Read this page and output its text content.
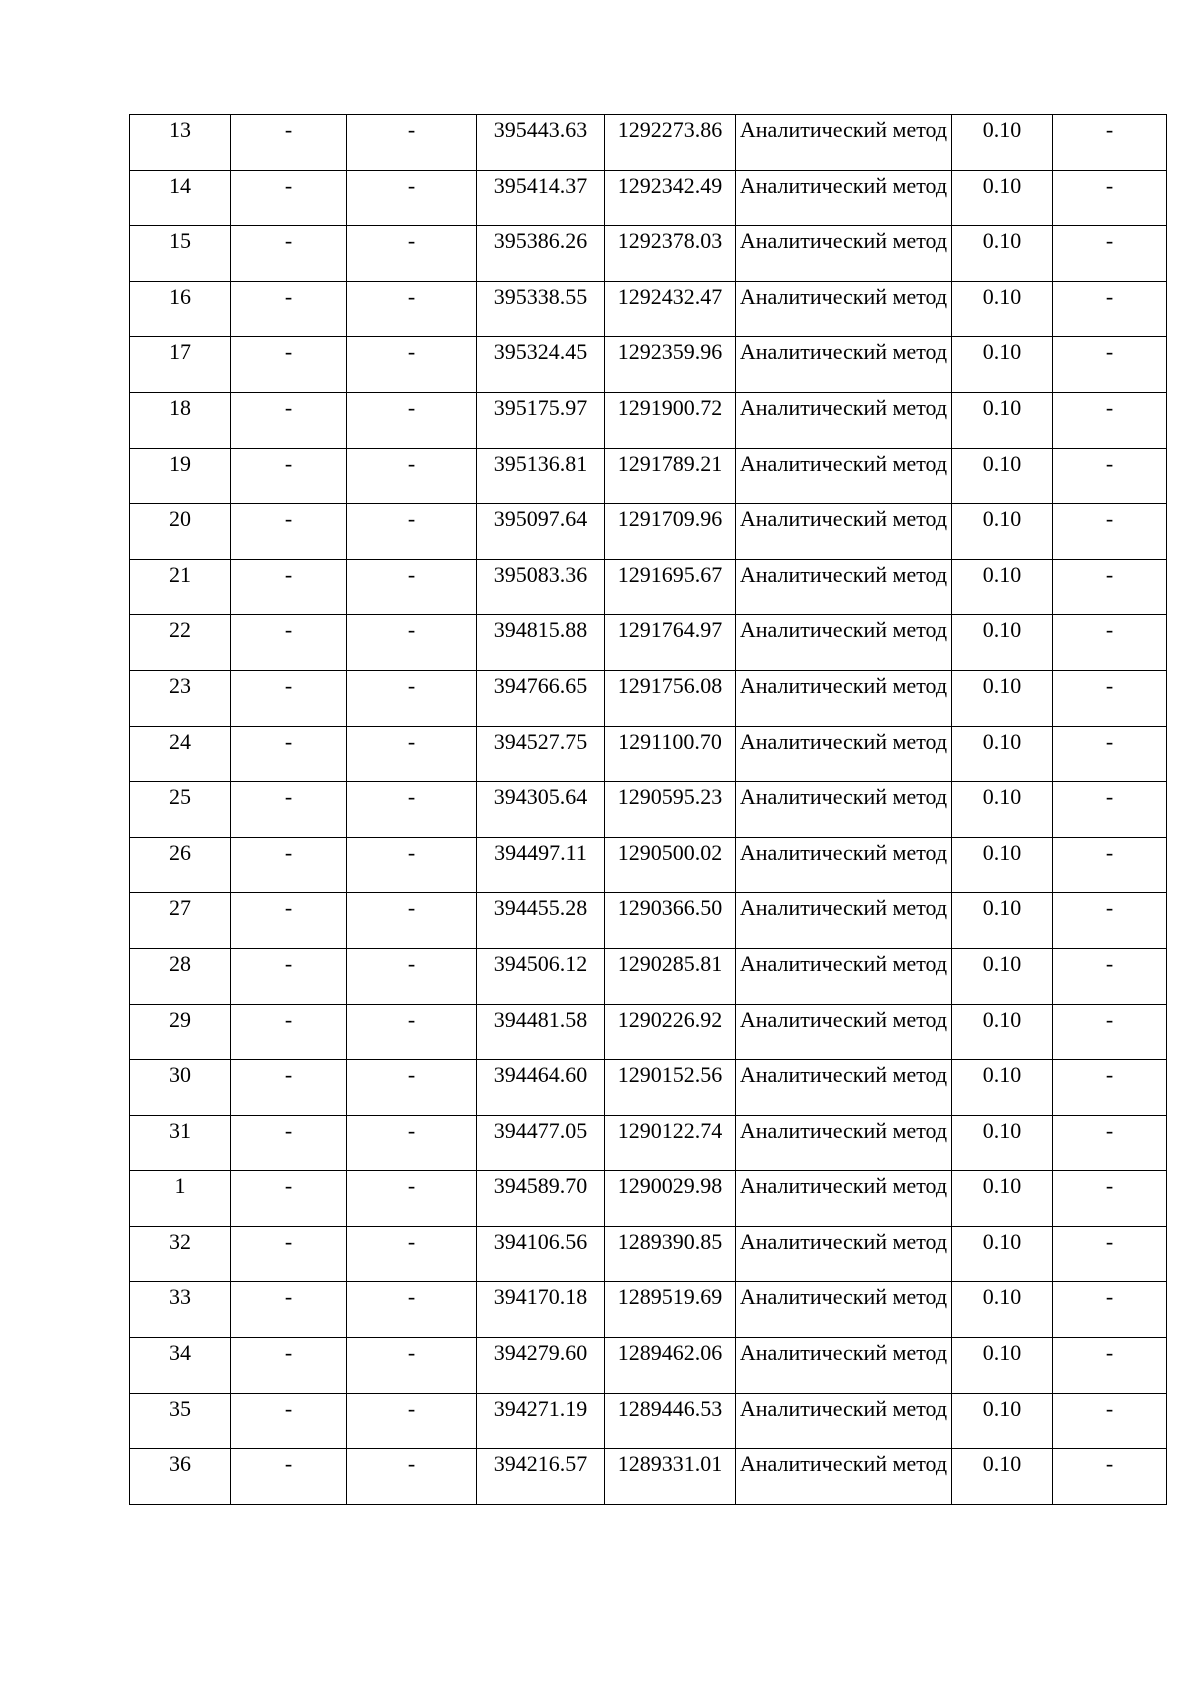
13	-	-	395443.63	1292273.86	Аналитический метод	0.10	-

14	-	-	395414.37	1292342.49	Аналитический метод	0.10	-

15	-	-	395386.26	1292378.03	Аналитический метод	0.10	-

16	-	-	395338.55	1292432.47	Аналитический метод	0.10	-

17	-	-	395324.45	1292359.96	Аналитический метод	0.10	-

18	-	-	395175.97	1291900.72	Аналитический метод	0.10	-

19	-	-	395136.81	1291789.21	Аналитический метод	0.10	-

20	-	-	395097.64	1291709.96	Аналитический метод	0.10	-

21	-	-	395083.36	1291695.67	Аналитический метод	0.10	-

22	-	-	394815.88	1291764.97	Аналитический метод	0.10	-

23	-	-	394766.65	1291756.08	Аналитический метод	0.10	-

24	-	-	394527.75	1291100.70	Аналитический метод	0.10	-

25	-	-	394305.64	1290595.23	Аналитический метод	0.10	-

26	-	-	394497.11	1290500.02	Аналитический метод	0.10	-

27	-	-	394455.28	1290366.50	Аналитический метод	0.10	-

28	-	-	394506.12	1290285.81	Аналитический метод	0.10	-

29	-	-	394481.58	1290226.92	Аналитический метод	0.10	-

30	-	-	394464.60	1290152.56	Аналитический метод	0.10	-

31	-	-	394477.05	1290122.74	Аналитический метод	0.10	-

1	-	-	394589.70	1290029.98	Аналитический метод	0.10	-

32	-	-	394106.56	1289390.85	Аналитический метод	0.10	-

33	-	-	394170.18	1289519.69	Аналитический метод	0.10	-

34	-	-	394279.60	1289462.06	Аналитический метод	0.10	-

35	-	-	394271.19	1289446.53	Аналитический метод	0.10	-

36	-	-	394216.57	1289331.01	Аналитический метод	0.10	-
